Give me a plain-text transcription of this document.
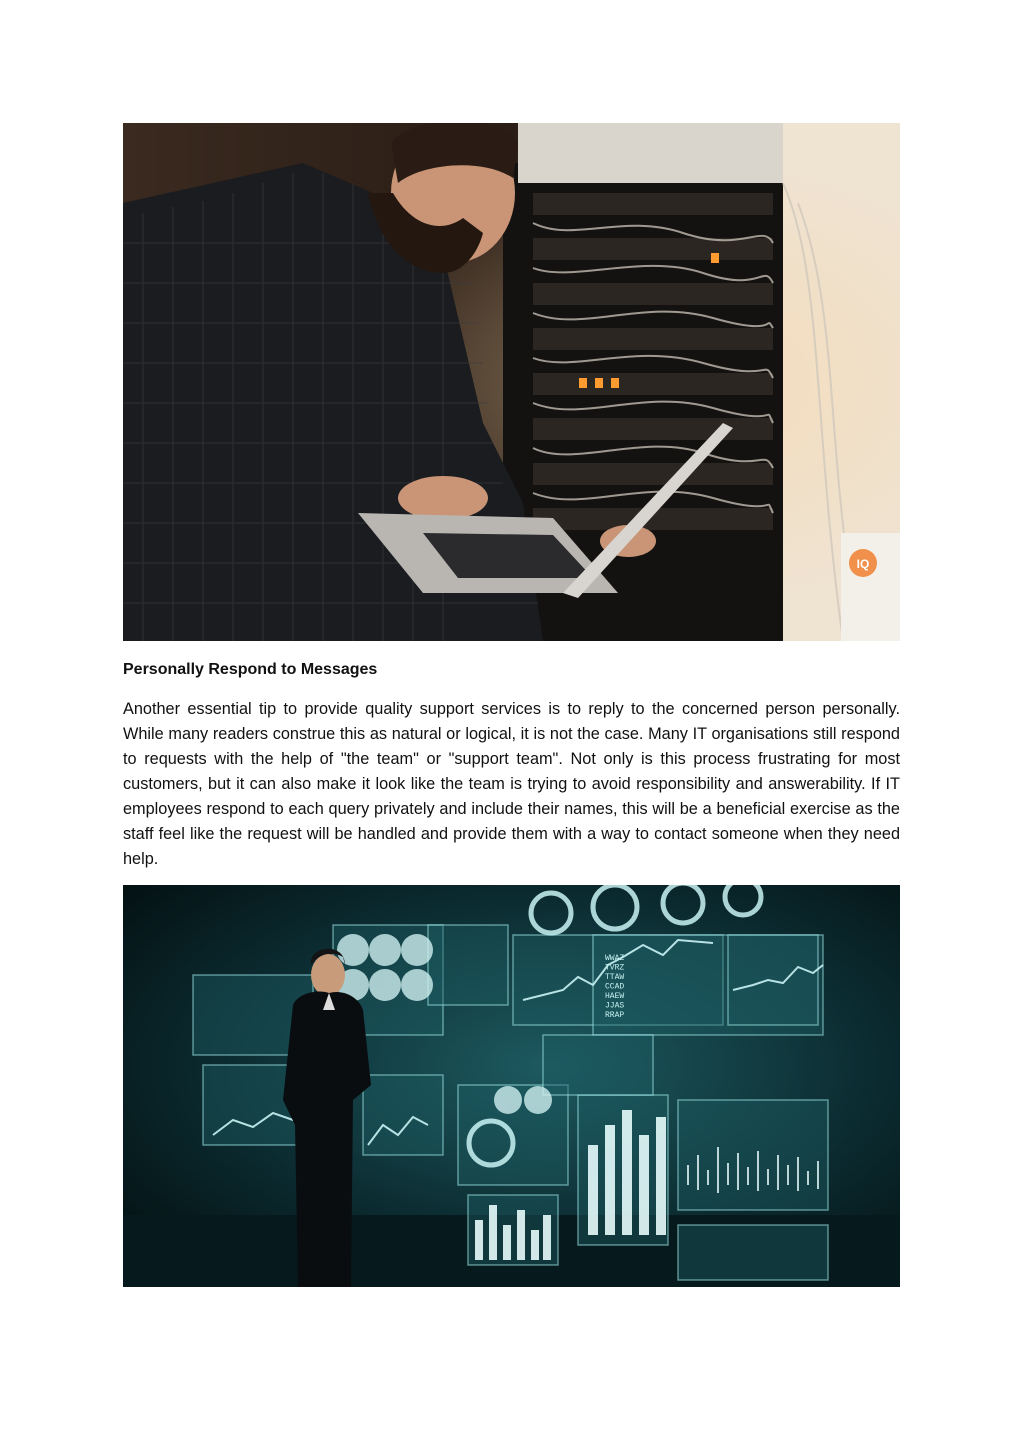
IQ
Personally Respond to Messages

Another essential tip to provide quality support services is to reply to the concerned person personally. While many readers construe this as natural or logical, it is not the case. Many IT organisations still respond to requests with the help of "the team" or "support team". Not only is this process frustrating for most customers, but it can also make it look like the team is trying to avoid responsibility and answerability. If IT employees respond to each query privately and include their names, this will be a beneficial exercise as the staff feel like the request will be handled and provide them with a way to contact someone when they need help.

WWAZ
TVRZ
TTAW
CCAD
HAEW
JJAS
RRAP
